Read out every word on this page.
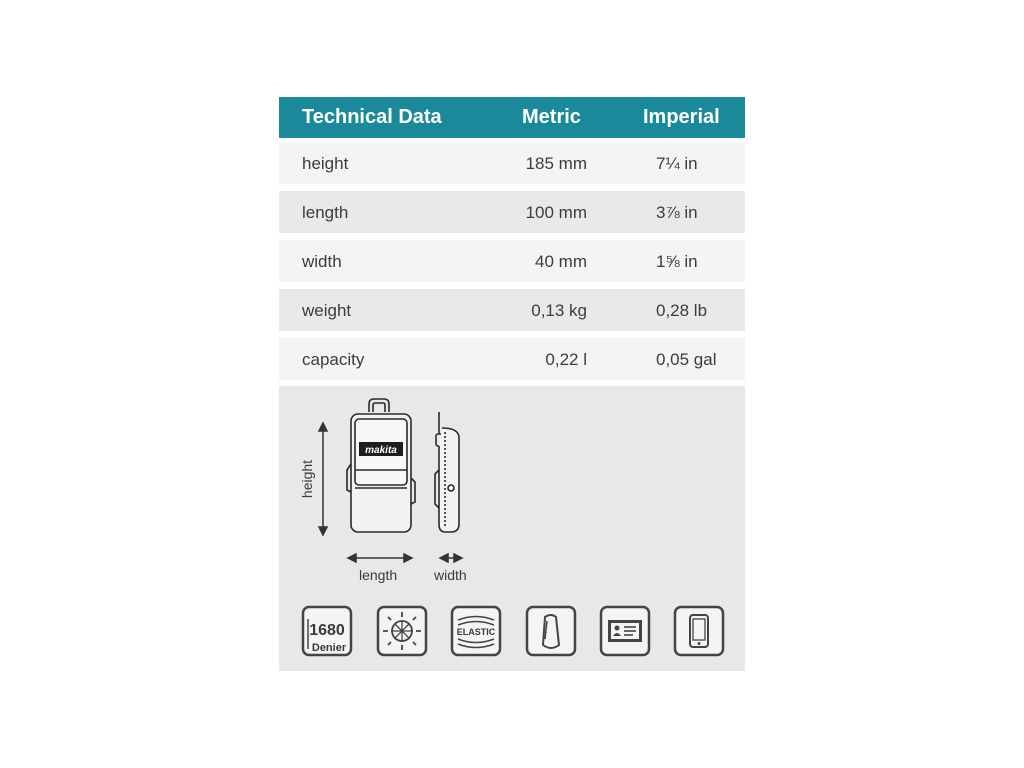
Technical Data	Metric	Imperial
height	185 mm	7¼ in
length	100 mm	3⅞ in
width	40 mm	1⅝ in
weight	0,13 kg	0,28 lb
capacity	0,22 l	0,05 gal
makita
height
length	width
1680
Denier
ELASTIC
